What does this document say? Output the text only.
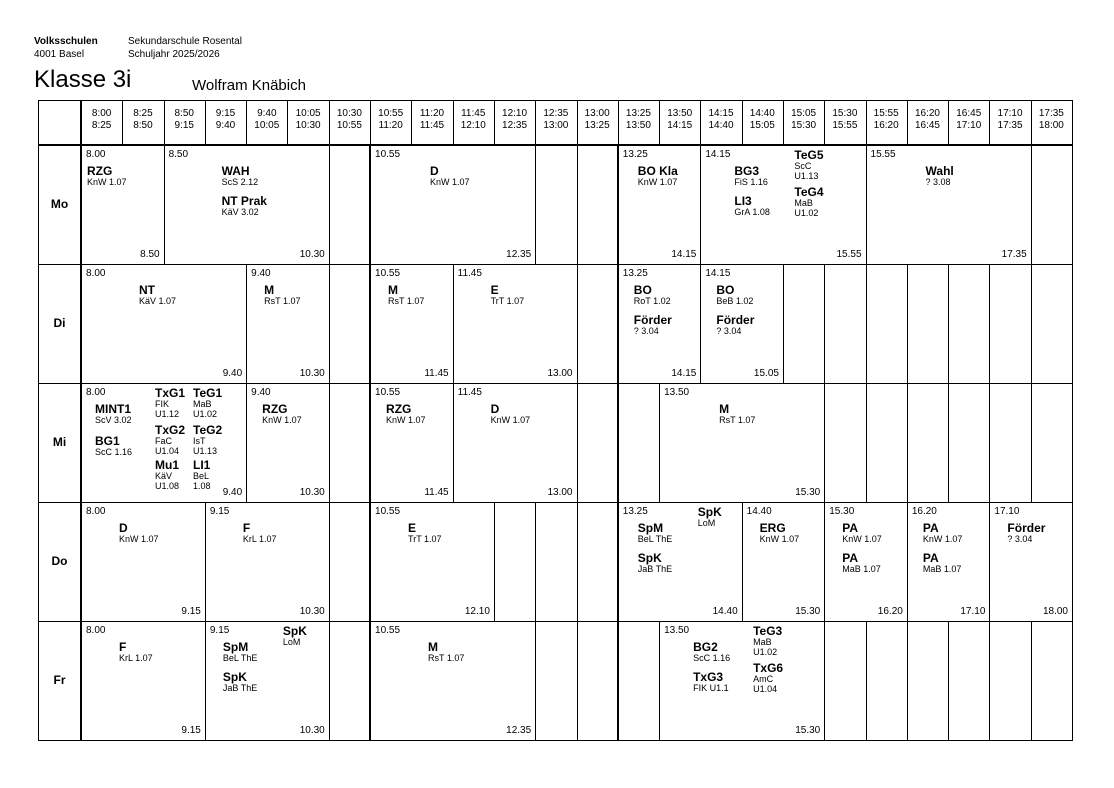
Volksschulen
4001 Basel
Sekundarschule Rosental
Schuljahr 2025/2026
Klasse 3i	Wolfram Knäbich
8:00
8:25
8:25
8:50
8:50
9:15
9:15
9:40
9:40
10:05
10:05
10:30
10:30
10:55
10:55
11:20
11:20
11:45
11:45
12:10
12:10
12:35
12:35
13:00
13:00
13:25
13:25
13:50
13:50
14:15
14:15
14:40
14:40
15:05
15:05
15:30
15:30
15:55
15:55
16:20
16:20
16:45
16:45
17:10
17:10
17:35
17:35
18:00
Mo
8.00
8.50
RZG
KnW 1.07
8.50
10.30
WAH
ScS 2.12
NT Prak
KäV 3.02
10.55
12.35
D
KnW 1.07
13.25
14.15
BO Kla
KnW 1.07
14.15
15.55
BG3
FiS 1.16
LI3
GrA 1.08
TeG5
ScC
U1.13
TeG4
MaB
U1.02
15.55
17.35
Wahl
? 3.08
Di
8.00
9.40
NT
KäV 1.07
9.40
10.30
M
RsT 1.07
10.55
11.45
M
RsT 1.07
11.45
13.00
E
TrT 1.07
13.25
14.15
BO
RoT 1.02
Förder
? 3.04
14.15
15.05
BO
BeB 1.02
Förder
? 3.04
Mi
8.00
9.40
MINT1
ScV 3.02
BG1
ScC 1.16
TxG1
FIK
U1.12
TxG2
FaC
U1.04
Mu1
KäV
U1.08
TeG1
MaB
U1.02
TeG2
IsT
U1.13
LI1
BeL
1.08
9.40
10.30
RZG
KnW 1.07
10.55
11.45
RZG
KnW 1.07
11.45
13.00
D
KnW 1.07
13.50
15.30
M
RsT 1.07
Do
8.00
9.15
D
KnW 1.07
9.15
10.30
F
KrL 1.07
10.55
12.10
E
TrT 1.07
13.25
14.40
SpM
BeL ThE
SpK
JaB ThE
SpK
LoM
14.40
15.30
ERG
KnW 1.07
15.30
16.20
PA
KnW 1.07
PA
MaB 1.07
16.20
17.10
PA
KnW 1.07
PA
MaB 1.07
17.10
18.00
Förder
? 3.04
Fr
8.00
9.15
F
KrL 1.07
9.15
10.30
SpM
BeL ThE
SpK
JaB ThE
SpK
LoM
10.55
12.35
M
RsT 1.07
13.50
15.30
BG2
ScC 1.16
TxG3
FIK U1.1
TeG3
MaB
U1.02
TxG6
AmC
U1.04
